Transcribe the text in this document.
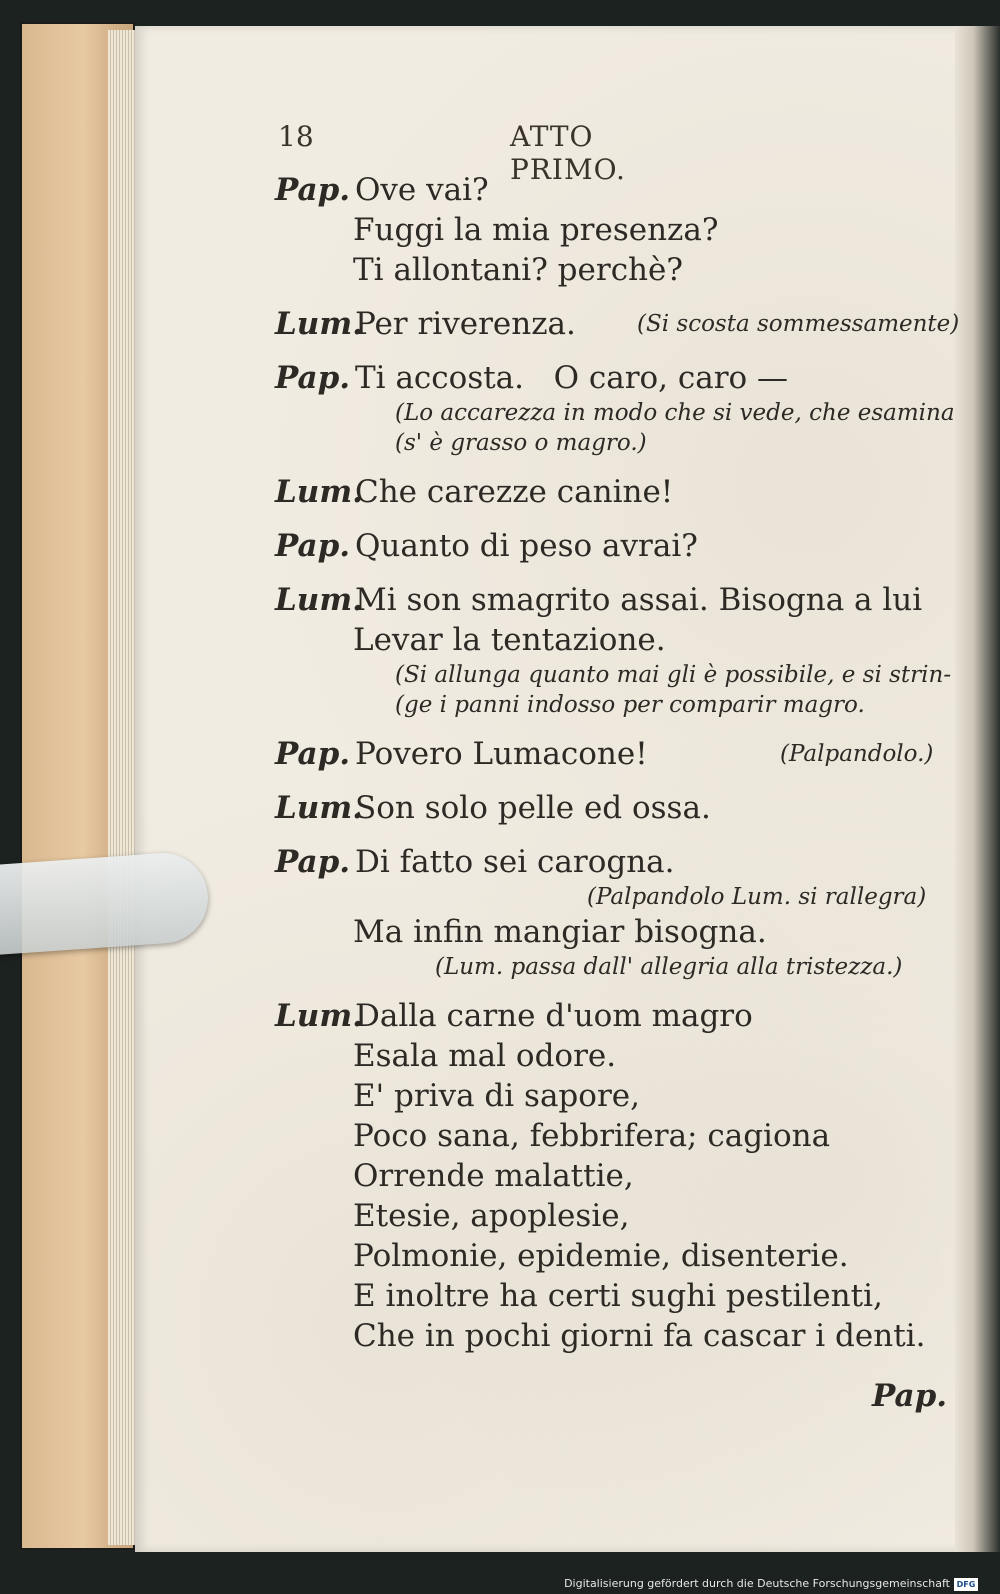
18	ATTO PRIMO.
Pap. Ove vai?
Fuggi la mia presenza?
Ti allontani? perchè?
Lum.
Per riverenza.	(Si scosta sommessamente)
Pap. Ti accosta.   O caro, caro —
(Lo accarezza in modo che si vede, che esamina
(s' è grasso o magro.)
Lum.
Che carezze canine!
Pap. Quanto di peso avrai?
Lum.
Mi son smagrito assai. Bisogna a lui
Levar la tentazione.
(Si allunga quanto mai gli è possibile, e si strin-
(ge i panni indosso per comparir magro.
Pap. Povero Lumacone!	(Palpandolo.)
Lum.
Son solo pelle ed ossa.
Pap. Di fatto sei carogna.
(Palpandolo Lum. si rallegra)
Ma infin mangiar bisogna.
(Lum. passa dall' allegria alla tristezza.)
Lum.
Dalla carne d'uom magro
Esala mal odore.
E' priva di sapore,
Poco sana, febbrifera; cagiona
Orrende malattie,
Etesie, apoplesie,
Polmonie, epidemie, disenterie.
E inoltre ha certi sughi pestilenti,
Che in pochi giorni fa cascar i denti.
Pap.
Digitalisierung gefördert durch die Deutsche Forschungsgemeinschaft DFG
